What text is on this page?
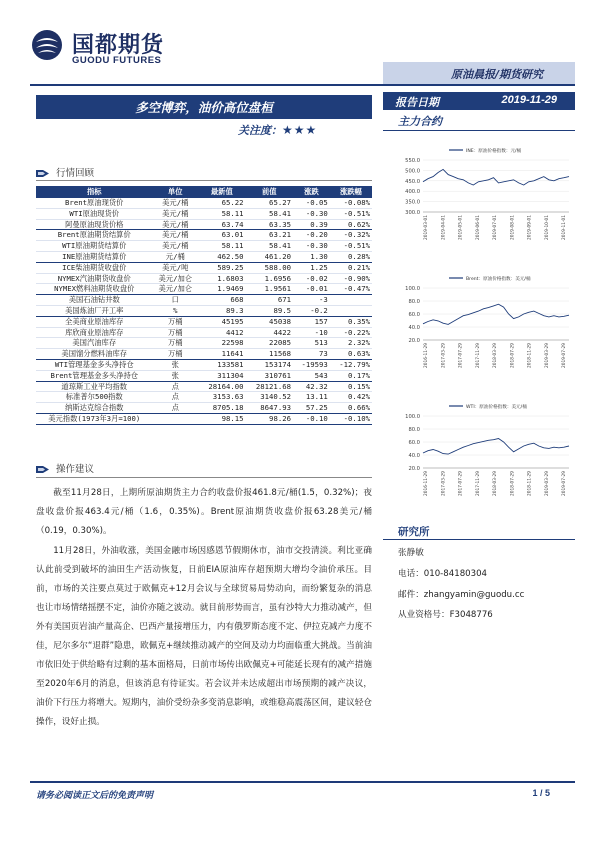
国都期货
GUODU FUTURES
原油晨报/期货研究
多空博弈，油价高位盘桓
关注度：★★★
报告日期	2019-11-29
主力合约
行情回顾
指标	单位	最新值	前值	涨跌	涨跌幅
Brent原油现货价	美元/桶	65.22	65.27	-0.05	-0.08%
WTI原油现货价	美元/桶	58.11	58.41	-0.30	-0.51%
阿曼原油现货价格	美元/桶	63.74	63.35	0.39	0.62%
Brent原油期货结算价	美元/桶	63.01	63.21	-0.20	-0.32%
WTI原油期货结算价	美元/桶	58.11	58.41	-0.30	-0.51%
INE原油期货结算价	元/桶	462.50	461.20	1.30	0.28%
ICE柴油期货收盘价	美元/吨	589.25	588.00	1.25	0.21%
NYMEX汽油期货收盘价	美元/加仑	1.6803	1.6956	-0.02	-0.90%
NYMEX燃料油期货收盘价	美元/加仑	1.9469	1.9561	-0.01	-0.47%
美国石油钻井数	口	668	671	-3	
美国炼油厂开工率	%	89.3	89.5	-0.2	
全美商业原油库存	万桶	45195	45038	157	0.35%
库欣商业原油库存	万桶	4412	4422	-10	-0.22%
美国汽油库存	万桶	22598	22085	513	2.32%
美国馏分燃料油库存	万桶	11641	11568	73	0.63%
WTI管理基金多头净持仓	张	133581	153174	-19593	-12.79%
Brent管理基金多头净持仓	张	311304	310761	543	0.17%
道琼斯工业平均指数	点	28164.00	28121.68	42.32	0.15%
标准普尔500指数	点	3153.63	3140.52	13.11	0.42%
纳斯达克综合指数	点	8705.18	8647.93	57.25	0.66%
美元指数(1973年3月=100)		98.15	98.26	-0.10	-0.10%
操作建议
截至11月28日，上期所原油期货主力合约收盘价报461.8元/桶(1.5，0.32%)；夜盘收盘价报463.4元/桶（1.6，0.35%)。Brent原油期货收盘价报63.28美元/桶（0.19，0.30%)。
11月28日，外油收涨，美国金融市场因感恩节假期休市，油市交投清淡。利比亚确认此前受到破坏的油田生产活动恢复，日前EIA原油库存超预期大增均令油价承压。目前，市场的关注要点莫过于欧佩克+12月会议与全球贸易局势动向，而纷繁复杂的消息也让市场情绪摇摆不定，油价亦随之波动。就目前形势而言，虽有沙特大力推动减产，但外有美国页岩油产量高企、巴西产量接增压力，内有俄罗斯态度不定、伊拉克减产力度不佳，尼尔多尔“退群”隐患，欧佩克+继续推动减产的空间及动力均面临重大挑战。当前油市依旧处于供给略有过剩的基本面格局，日前市场传出欧佩克+可能延长现有的减产措施至2020年6月的消息，但该消息有待证实。若会议并未达成超出市场预期的减产决议，油价下行压力将增大。短期内，油价受纷杂多变消息影响，或维稳高震荡区间，建议轻仓操作，设好止损。
INE：原油价格指数：元/桶
550.0
500.0
450.0
400.0
350.0
300.0
2019-03-01	2019-04-01	2019-05-01	2019-06-01	2019-07-01	2019-08-01	2019-09-01	2019-10-01	2019-11-01
Brent：原油价格指数：美元/桶
100.0
80.0
60.0
40.0
20.0
2016-11-29	2017-03-29	2017-07-29	2017-11-29	2018-03-29	2018-07-29	2018-11-29	2019-03-29	2019-07-29
WTI：原油价格指数：美元/桶
100.0
80.0
60.0
40.0
20.0
2016-11-29	2017-03-29	2017-07-29	2017-11-29	2018-03-29	2018-07-29	2018-11-29	2019-03-29	2019-07-29
研究所
张静敏
电话：010-84180304
邮件：zhangyamin@guodu.cc
从业资格号：F3048776
请务必阅读正文后的免责声明	1 / 5
